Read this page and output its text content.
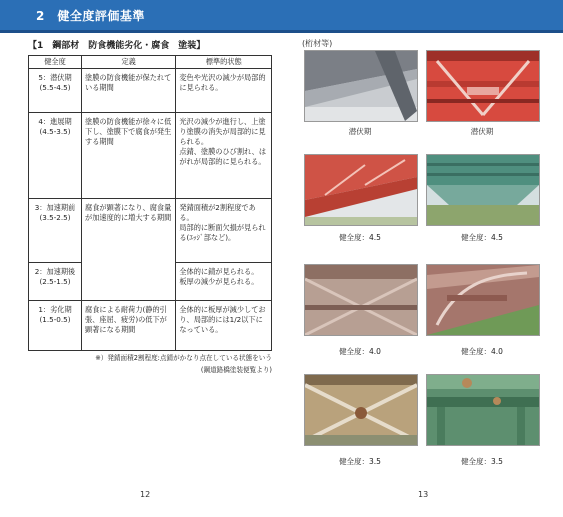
2　健全度評価基準
【1　鋼部材　防食機能劣化・腐食　塗装】
健全度	定義	標準的状態

5：潜伏期
(5.5-4.5)	塗膜の防食機能が保たれている期間	変色や光沢の減少が局部的に見られる。

4：進展期
(4.5-3.5)	塗膜の防食機能が徐々に低下し、塗膜下で腐食が発生する期間	光沢の減少が進行し、上塗り塗膜の消失が局部的に見られる。
点錆、塗膜のひび割れ、はがれが局部的に見られる。

3：加速期前
(3.5-2.5)	腐食が顕著になり、腐食量が加速度的に増大する期間	発錆面積が2割程度である。
局部的に断面欠損が見られる(ｴｯｼﾞ部など)。

2：加速期後
(2.5-1.5)		全体的に錆が見られる。
板厚の減少が見られる。

1：劣化期
(1.5-0.5)	腐食による耐荷力(静的引張、座屈、疲労)の低下が顕著になる期間	全体的に板厚が減少しており、局部的には1/2以下になっている。
※）発錆面積2割程度:点錆がかなり点在している状態をいう
(鋼道路橋塗装便覧より)
12
(桁材等)
潜伏期	潜伏期
健全度：4.5	健全度：4.5
健全度：4.0	健全度：4.0
健全度：3.5	健全度：3.5
13
